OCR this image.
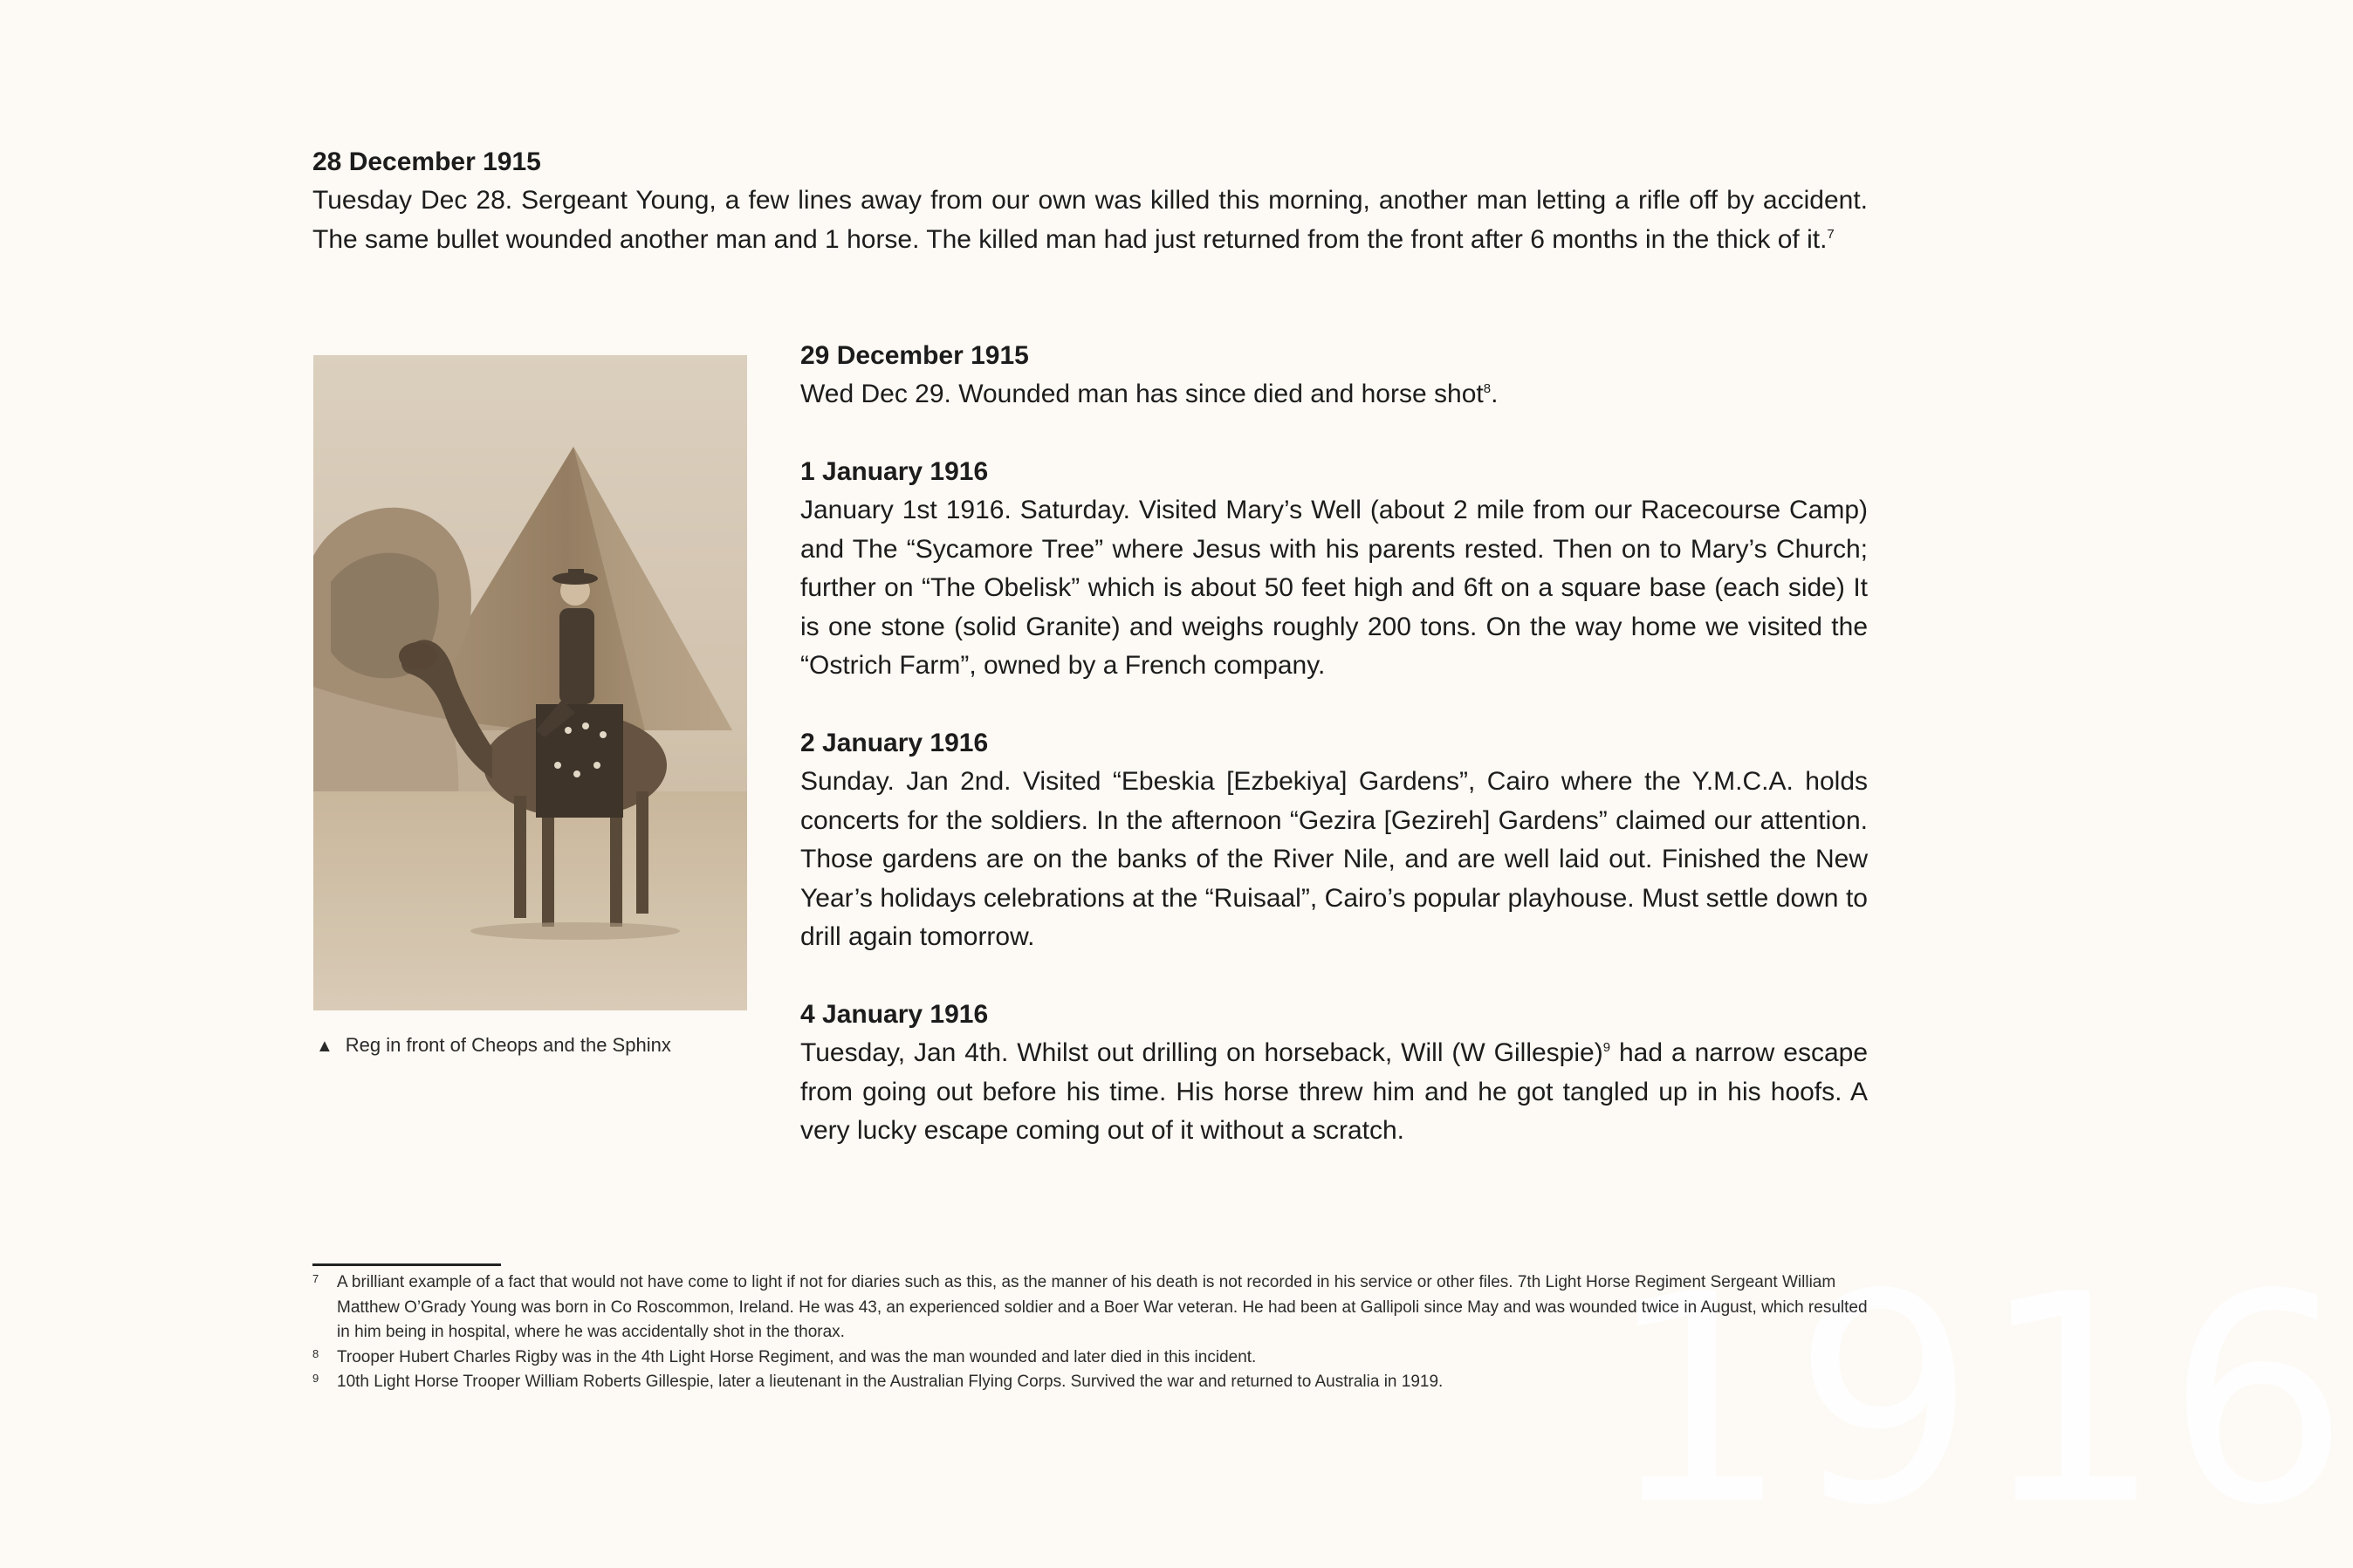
1916

28 December 1915

Tuesday Dec 28. Sergeant Young, a few lines away from our own was killed this morning, another man letting a rifle off by accident. The same bullet wounded another man and 1 horse. The killed man had just returned from the front after 6 months in the thick of it.$^7$

▲ Reg in front of Cheops and the Sphinx

29 December 1915

Wed Dec 29. Wounded man has since died and horse shot$^8$.

1 January 1916

January 1st 1916. Saturday. Visited Mary’s Well (about 2 mile from our Racecourse Camp) and The “Sycamore Tree” where Jesus with his parents rested. Then on to Mary’s Church; further on “The Obelisk” which is about 50 feet high and 6ft on a square base (each side) It is one stone (solid Granite) and weighs roughly 200 tons. On the way home we visited the “Ostrich Farm”, owned by a French company.

2 January 1916

Sunday. Jan 2nd. Visited “Ebeskia [Ezbekiya] Gardens”, Cairo where the Y.M.C.A. holds concerts for the soldiers. In the afternoon “Gezira [Gezireh] Gardens” claimed our attention. Those gardens are on the banks of the River Nile, and are well laid out. Finished the New Year’s holidays celebrations at the “Ruisaal”, Cairo’s popular playhouse. Must settle down to drill again tomorrow.

4 January 1916

Tuesday, Jan 4th. Whilst out drilling on horseback, Will (W Gillespie)$^9$ had a narrow escape from going out before his time. His horse threw him and he got tangled up in his hoofs. A very lucky escape coming out of it without a scratch.

7 A brilliant example of a fact that would not have come to light if not for diaries such as this, as the manner of his death is not recorded in his service or other files. 7th Light Horse Regiment Sergeant William Matthew O’Grady Young was born in Co Roscommon, Ireland. He was 43, an experienced soldier and a Boer War veteran. He had been at Gallipoli since May and was wounded twice in August, which resulted in him being in hospital, where he was accidentally shot in the thorax.

8 Trooper Hubert Charles Rigby was in the 4th Light Horse Regiment, and was the man wounded and later died in this incident.

9 10th Light Horse Trooper William Roberts Gillespie, later a lieutenant in the Australian Flying Corps. Survived the war and returned to Australia in 1919.
